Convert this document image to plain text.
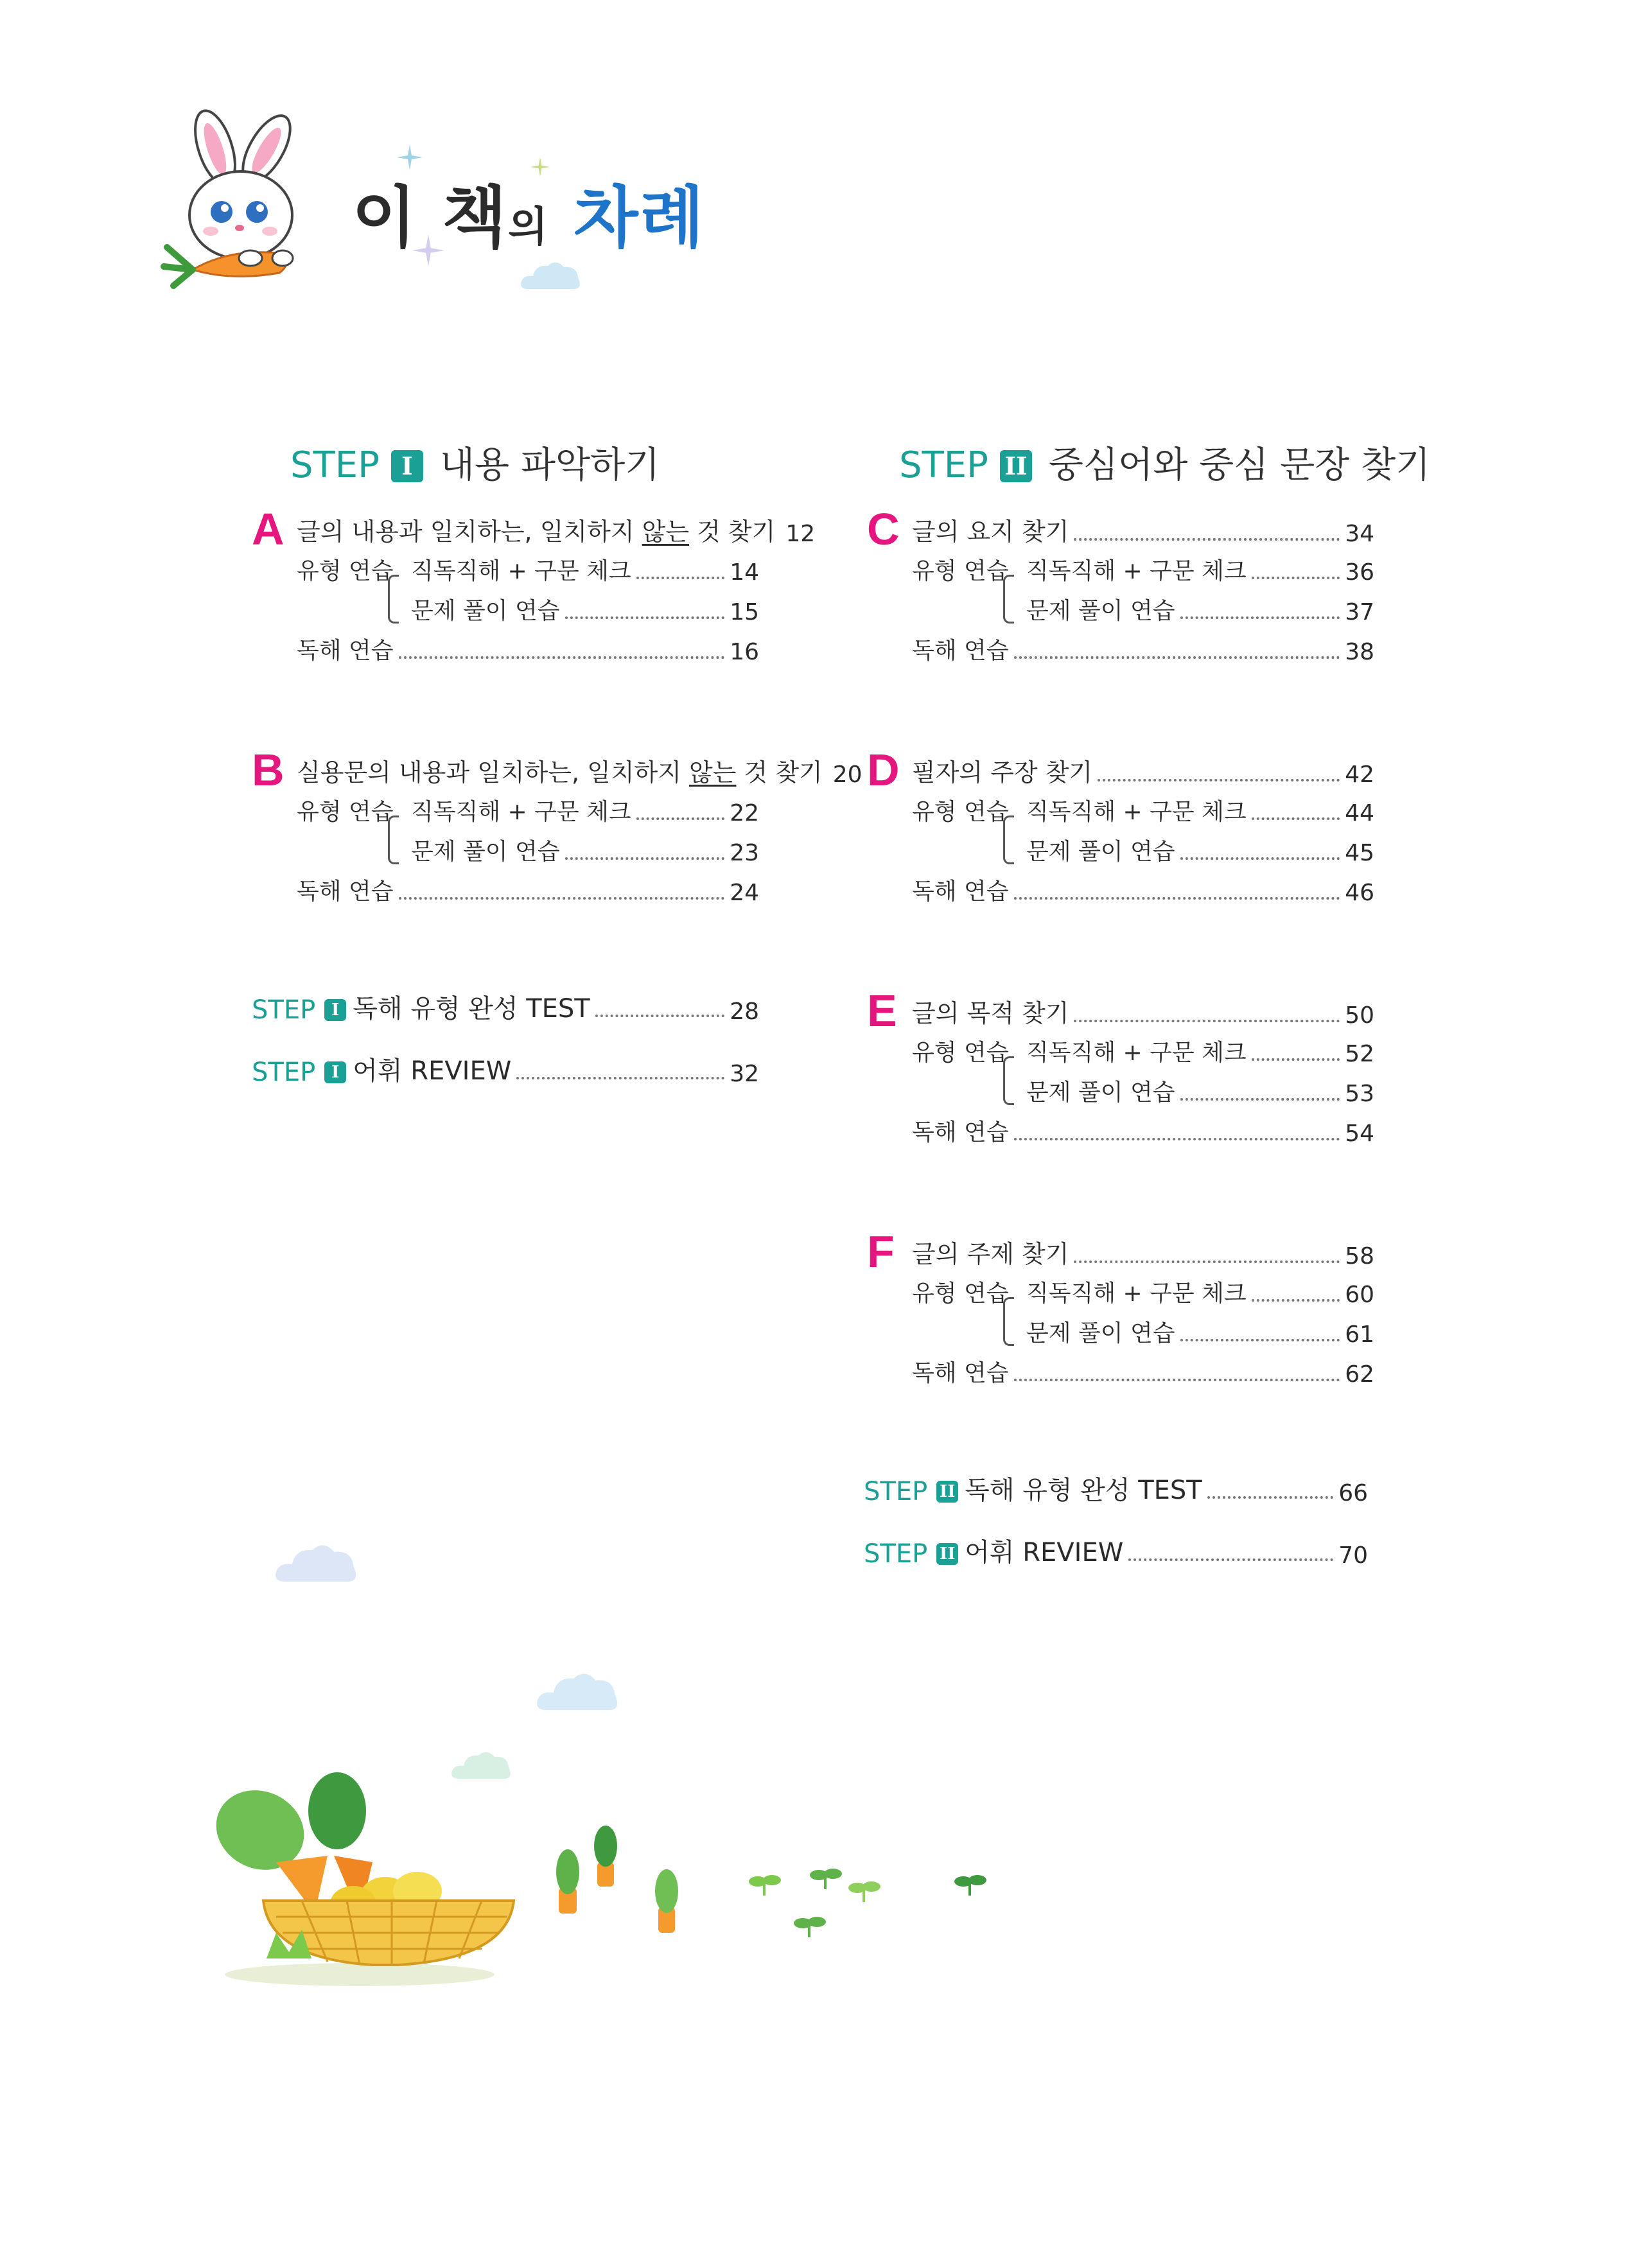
이 책의 차례
STEP I 내용 파악하기	STEP II 중심어와 중심 문장 찾기
A 글의 내용과 일치하는, 일치하지 않는 것 찾기 12
유형 연습 직독직해 + 구문 체크	14
문제 풀이 연습	15
독해 연습	16
B 실용문의 내용과 일치하는, 일치하지 않는 것 찾기 20
유형 연습 직독직해 + 구문 체크	22
문제 풀이 연습	23
독해 연습	24
STEP I 독해 유형 완성 TEST	28
STEP I 어휘 REVIEW	32
C 글의 요지 찾기	34
유형 연습 직독직해 + 구문 체크	36
문제 풀이 연습	37
독해 연습	38
D 필자의 주장 찾기	42
유형 연습 직독직해 + 구문 체크	44
문제 풀이 연습	45
독해 연습	46
E 글의 목적 찾기	50
유형 연습 직독직해 + 구문 체크	52
문제 풀이 연습	53
독해 연습	54
F 글의 주제 찾기	58
유형 연습 직독직해 + 구문 체크	60
문제 풀이 연습	61
독해 연습	62
STEP II 독해 유형 완성 TEST	66
STEP II 어휘 REVIEW	70
